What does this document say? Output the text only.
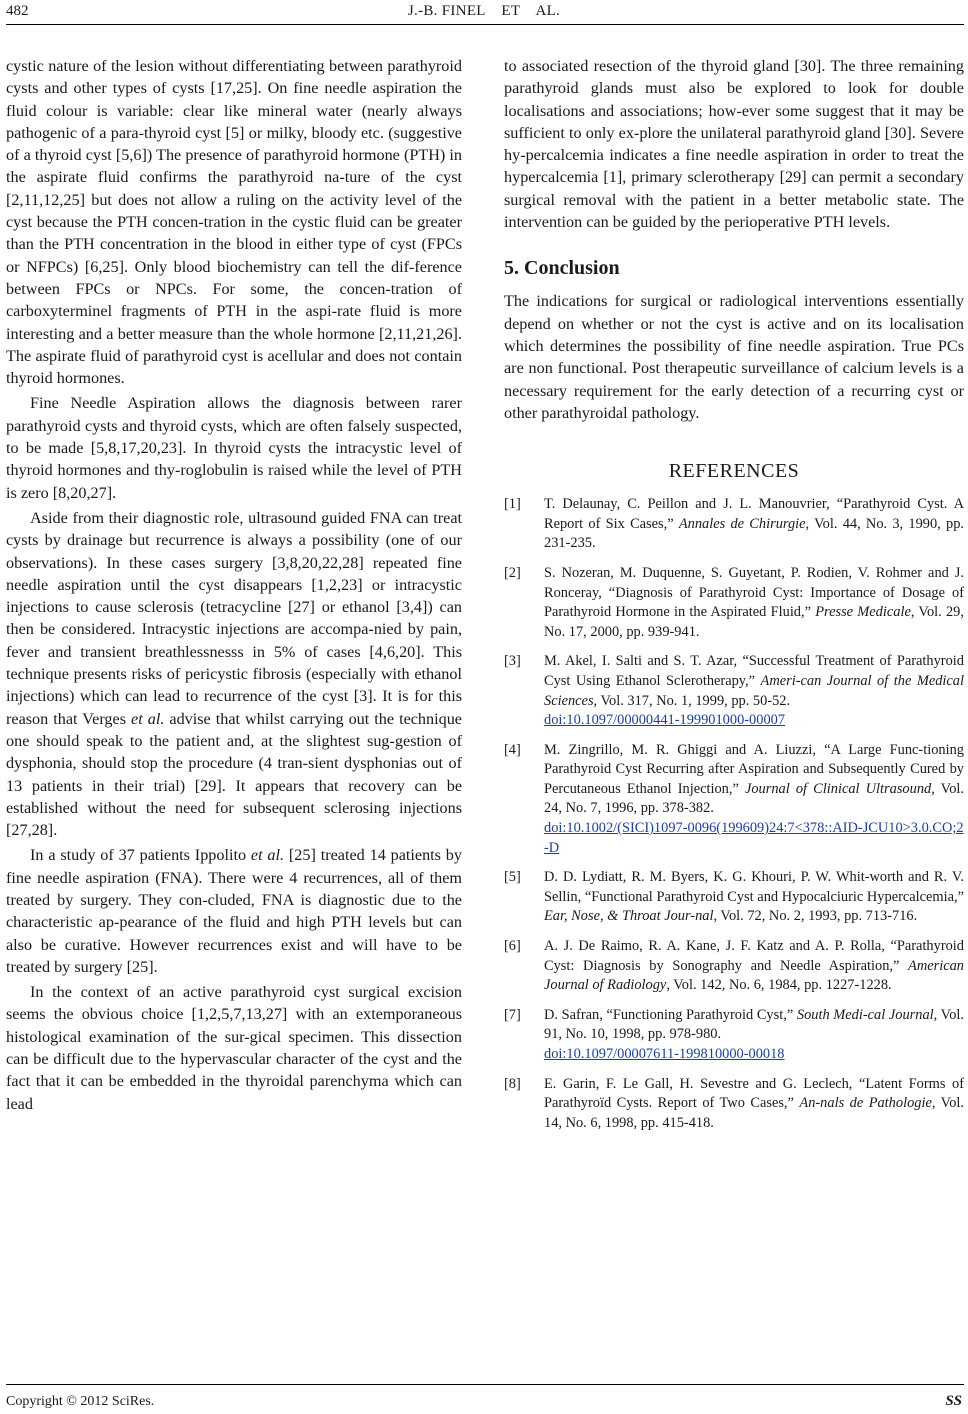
482	J.-B. FINEL    ET    AL.

cystic nature of the lesion without differentiating between parathyroid cysts and other types of cysts [17,25]. On fine needle aspiration the fluid colour is variable: clear like mineral water (nearly always pathogenic of a para-thyroid cyst [5] or milky, bloody etc. (suggestive of a thyroid cyst [5,6]) The presence of parathyroid hormone (PTH) in the aspirate fluid confirms the parathyroid na-ture of the cyst [2,11,12,25] but does not allow a ruling on the activity level of the cyst because the PTH concen-tration in the cystic fluid can be greater than the PTH concentration in the blood in either type of cyst (FPCs or NFPCs) [6,25]. Only blood biochemistry can tell the dif-ference between FPCs or NPCs. For some, the concen-tration of carboxyterminel fragments of PTH in the aspi-rate fluid is more interesting and a better measure than the whole hormone [2,11,21,26]. The aspirate fluid of parathyroid cyst is acellular and does not contain thyroid hormones.

Fine Needle Aspiration allows the diagnosis between rarer parathyroid cysts and thyroid cysts, which are often falsely suspected, to be made [5,8,17,20,23]. In thyroid cysts the intracystic level of thyroid hormones and thy-roglobulin is raised while the level of PTH is zero [8,20,27].

Aside from their diagnostic role, ultrasound guided FNA can treat cysts by drainage but recurrence is always a possibility (one of our observations). In these cases surgery [3,8,20,22,28] repeated fine needle aspiration until the cyst disappears [1,2,23] or intracystic injections to cause sclerosis (tetracycline [27] or ethanol [3,4]) can then be considered. Intracystic injections are accompa-nied by pain, fever and transient breathlessnesss in 5% of cases [4,6,20]. This technique presents risks of pericystic fibrosis (especially with ethanol injections) which can lead to recurrence of the cyst [3]. It is for this reason that Verges et al. advise that whilst carrying out the technique one should speak to the patient and, at the slightest sug-gestion of dysphonia, should stop the procedure (4 tran-sient dysphonias out of 13 patients in their trial) [29]. It appears that recovery can be established without the need for subsequent sclerosing injections [27,28].

In a study of 37 patients Ippolito et al. [25] treated 14 patients by fine needle aspiration (FNA). There were 4 recurrences, all of them treated by surgery. They con-cluded, FNA is diagnostic due to the characteristic ap-pearance of the fluid and high PTH levels but can also be curative. However recurrences exist and will have to be treated by surgery [25].

In the context of an active parathyroid cyst surgical excision seems the obvious choice [1,2,5,7,13,27] with an extemporaneous histological examination of the sur-gical specimen. This dissection can be difficult due to the hypervascular character of the cyst and the fact that it can be embedded in the thyroidal parenchyma which can lead

to associated resection of the thyroid gland [30]. The three remaining parathyroid glands must also be explored to look for double localisations and associations; how-ever some suggest that it may be sufficient to only ex-plore the unilateral parathyroid gland [30]. Severe hy-percalcemia indicates a fine needle aspiration in order to treat the hypercalcemia [1], primary sclerotherapy [29] can permit a secondary surgical removal with the patient in a better metabolic state. The intervention can be guided by the perioperative PTH levels.

5. Conclusion

The indications for surgical or radiological interventions essentially depend on whether or not the cyst is active and on its localisation which determines the possibility of fine needle aspiration. True PCs are non functional. Post therapeutic surveillance of calcium levels is a necessary requirement for the early detection of a recurring cyst or other parathyroidal pathology.

REFERENCES
[1] T. Delaunay, C. Peillon and J. L. Manouvrier, “Parathyroid Cyst. A Report of Six Cases,” Annales de Chirurgie, Vol. 44, No. 3, 1990, pp. 231-235.
[2] S. Nozeran, M. Duquenne, S. Guyetant, P. Rodien, V. Rohmer and J. Ronceray, “Diagnosis of Parathyroid Cyst: Importance of Dosage of Parathyroid Hormone in the Aspirated Fluid,” Presse Medicale, Vol. 29, No. 17, 2000, pp. 939-941.
[3] M. Akel, I. Salti and S. T. Azar, “Successful Treatment of Parathyroid Cyst Using Ethanol Sclerotherapy,” Ameri-can Journal of the Medical Sciences, Vol. 317, No. 1, 1999, pp. 50-52.
doi:10.1097/00000441-199901000-00007
[4] M. Zingrillo, M. R. Ghiggi and A. Liuzzi, “A Large Func-tioning Parathyroid Cyst Recurring after Aspiration and Subsequently Cured by Percutaneous Ethanol Injection,” Journal of Clinical Ultrasound, Vol. 24, No. 7, 1996, pp. 378-382.
doi:10.1002/(SICI)1097-0096(199609)24:7<378::AID-JCU10>3.0.CO;2-D
[5] D. D. Lydiatt, R. M. Byers, K. G. Khouri, P. W. Whit-worth and R. V. Sellin, “Functional Parathyroid Cyst and Hypocalciuric Hypercalcemia,” Ear, Nose, & Throat Jour-nal, Vol. 72, No. 2, 1993, pp. 713-716.
[6] A. J. De Raimo, R. A. Kane, J. F. Katz and A. P. Rolla, “Parathyroid Cyst: Diagnosis by Sonography and Needle Aspiration,” American Journal of Radiology, Vol. 142, No. 6, 1984, pp. 1227-1228.
[7] D. Safran, “Functioning Parathyroid Cyst,” South Medi-cal Journal, Vol. 91, No. 10, 1998, pp. 978-980.
doi:10.1097/00007611-199810000-00018
[8] E. Garin, F. Le Gall, H. Sevestre and G. Leclech, “Latent Forms of Parathyroïd Cysts. Report of Two Cases,” An-nals de Pathologie, Vol. 14, No. 6, 1998, pp. 415-418.
Copyright © 2012 SciRes.	SS
